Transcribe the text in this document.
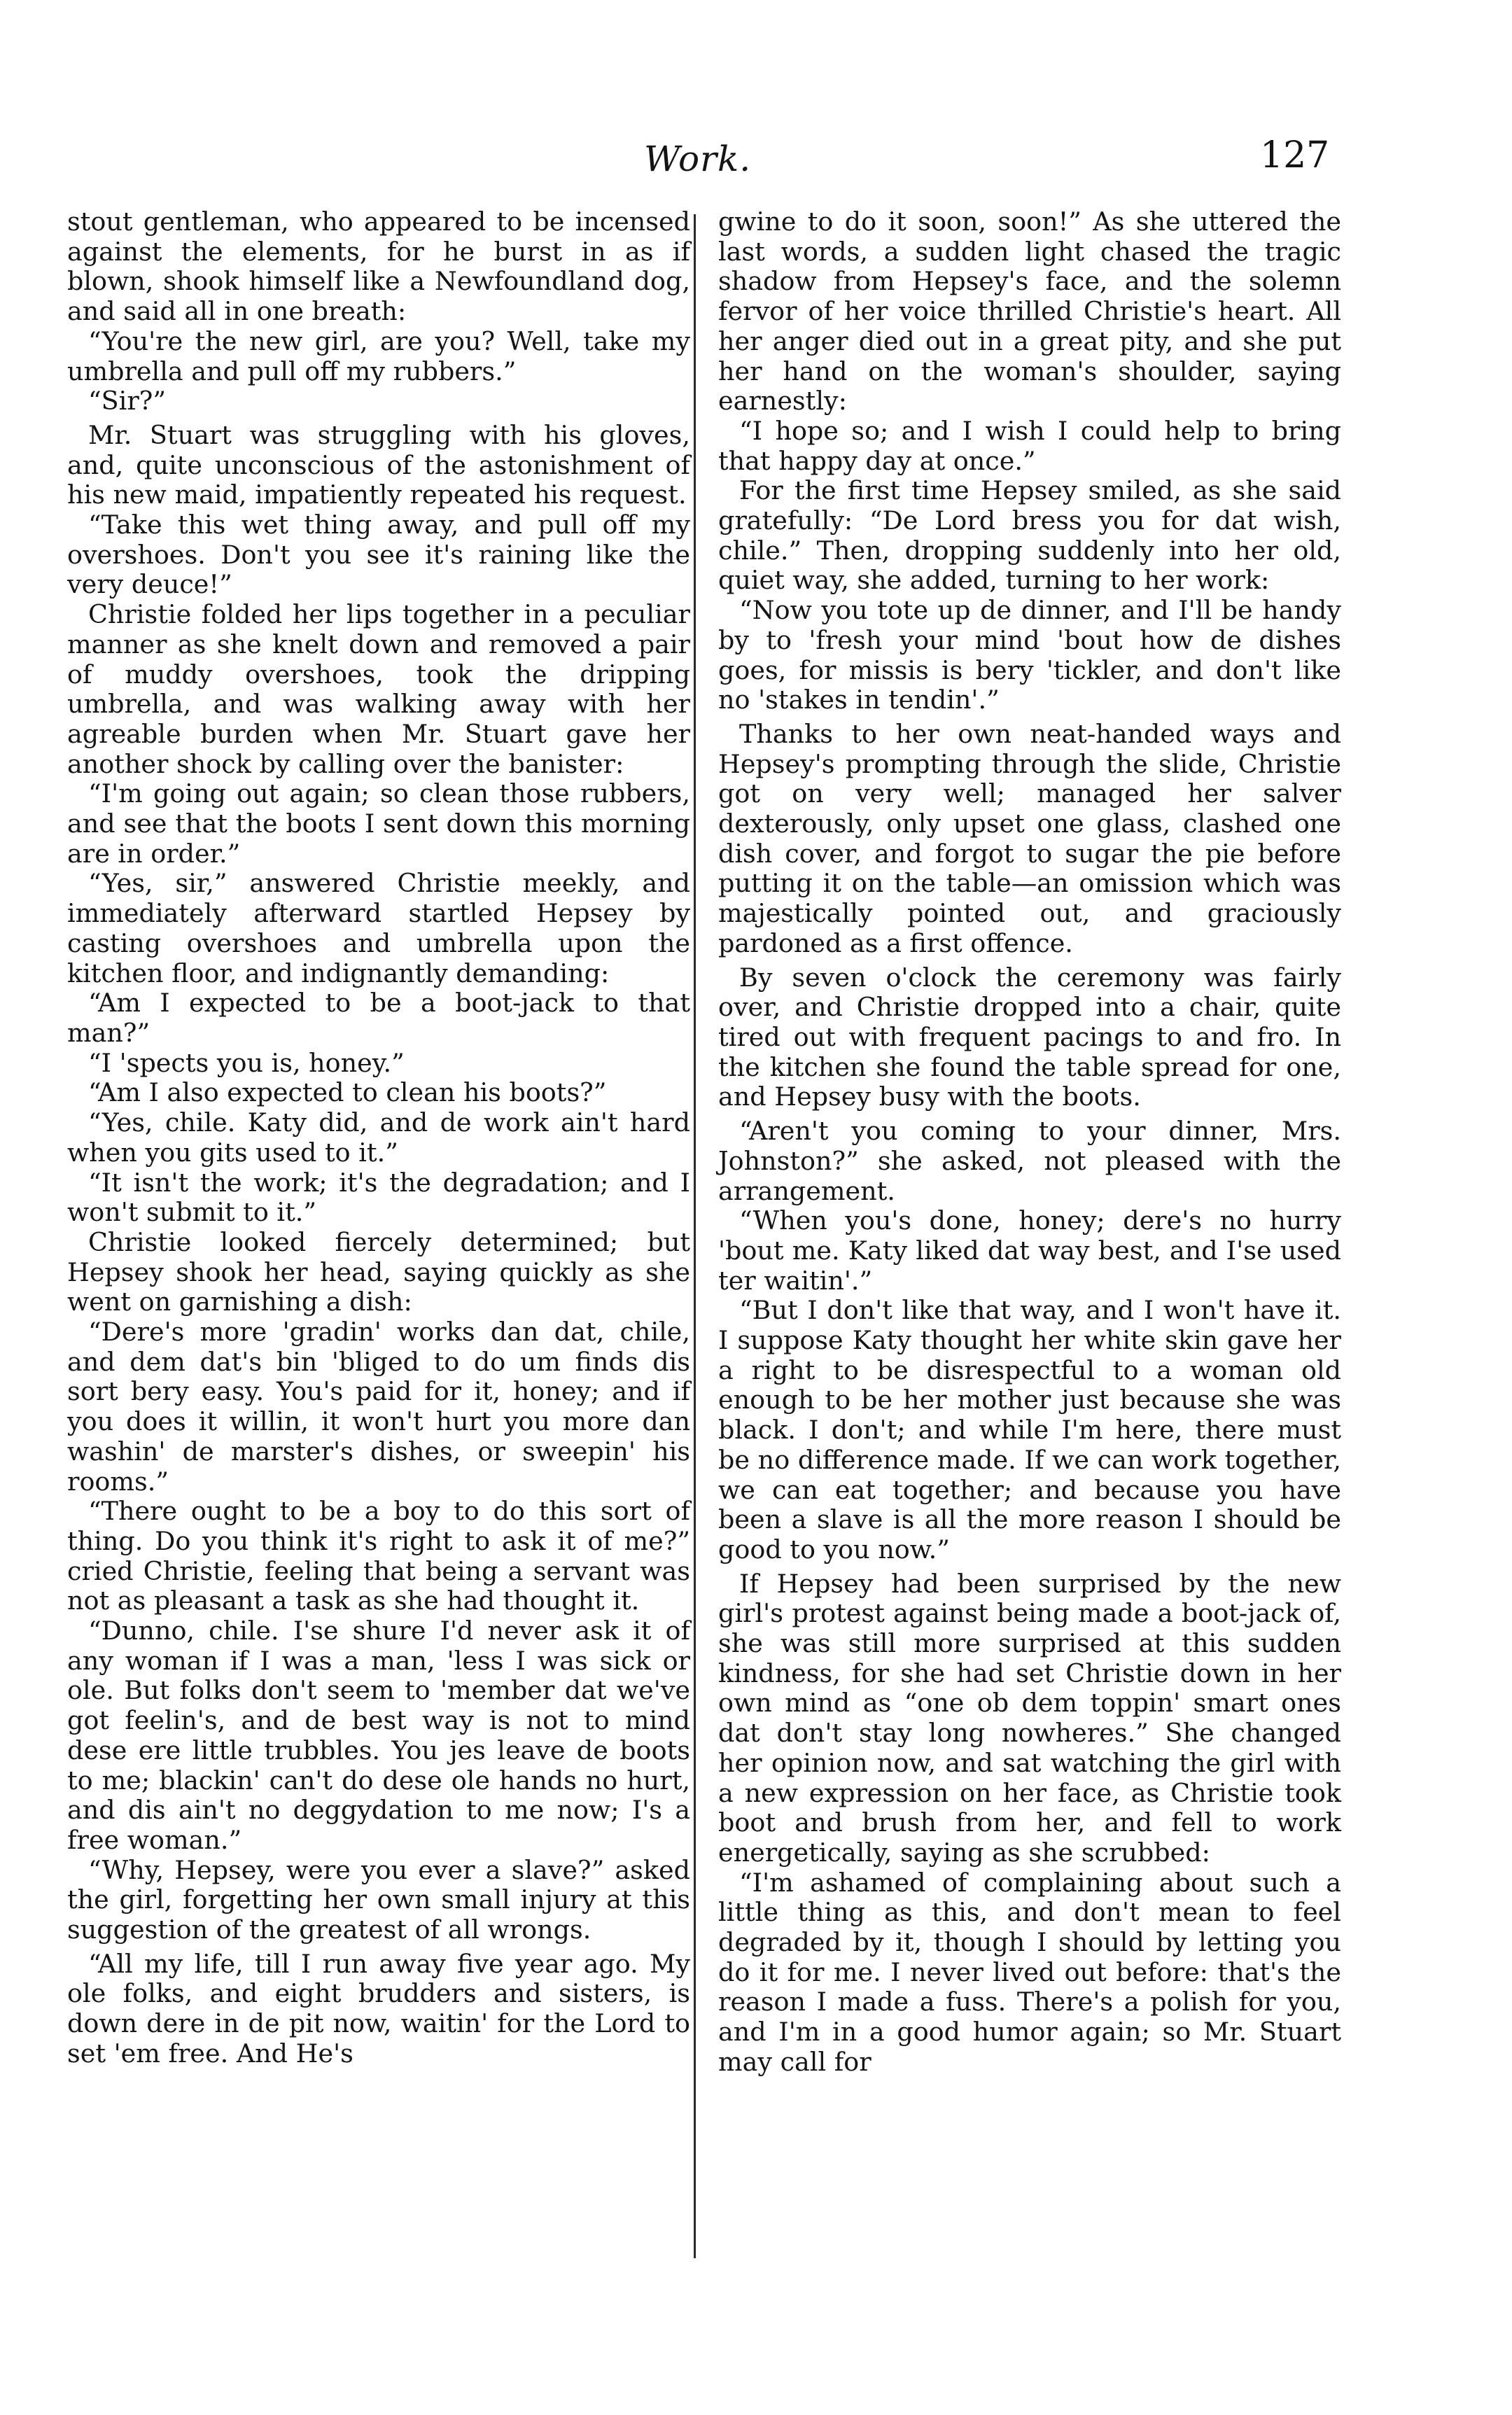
Work.	127

stout gentleman, who appeared to be incensed against the elements, for he burst in as if blown, shook himself like a Newfoundland dog, and said all in one breath:

“You're the new girl, are you? Well, take my umbrella and pull off my rubbers.”

“Sir?”

Mr. Stuart was struggling with his gloves, and, quite unconscious of the astonishment of his new maid, impatiently repeated his request.

“Take this wet thing away, and pull off my overshoes. Don't you see it's raining like the very deuce!”

Christie folded her lips together in a peculiar manner as she knelt down and removed a pair of muddy overshoes, took the dripping umbrella, and was walking away with her agreable burden when Mr. Stuart gave her another shock by calling over the banister:

“I'm going out again; so clean those rubbers, and see that the boots I sent down this morning are in order.”

“Yes, sir,” answered Christie meekly, and immediately afterward startled Hepsey by casting overshoes and umbrella upon the kitchen floor, and indignantly demanding:

“Am I expected to be a boot-jack to that man?”

“I 'spects you is, honey.”

“Am I also expected to clean his boots?”

“Yes, chile. Katy did, and de work ain't hard when you gits used to it.”

“It isn't the work; it's the degradation; and I won't submit to it.”

Christie looked fiercely determined; but Hepsey shook her head, saying quickly as she went on garnishing a dish:

“Dere's more 'gradin' works dan dat, chile, and dem dat's bin 'bliged to do um finds dis sort bery easy. You's paid for it, honey; and if you does it willin, it won't hurt you more dan washin' de marster's dishes, or sweepin' his rooms.”

“There ought to be a boy to do this sort of thing. Do you think it's right to ask it of me?” cried Christie, feeling that being a servant was not as pleasant a task as she had thought it.

“Dunno, chile. I'se shure I'd never ask it of any woman if I was a man, 'less I was sick or ole. But folks don't seem to 'member dat we've got feelin's, and de best way is not to mind dese ere little trubbles. You jes leave de boots to me; blackin' can't do dese ole hands no hurt, and dis ain't no deggydation to me now; I's a free woman.”

“Why, Hepsey, were you ever a slave?” asked the girl, forgetting her own small injury at this suggestion of the greatest of all wrongs.

“All my life, till I run away five year ago. My ole folks, and eight brudders and sisters, is down dere in de pit now, waitin' for the Lord to set 'em free. And He's

gwine to do it soon, soon!” As she uttered the last words, a sudden light chased the tragic shadow from Hepsey's face, and the solemn fervor of her voice thrilled Christie's heart. All her anger died out in a great pity, and she put her hand on the woman's shoulder, saying earnestly:

“I hope so; and I wish I could help to bring that happy day at once.”

For the first time Hepsey smiled, as she said gratefully: “De Lord bress you for dat wish, chile.” Then, dropping suddenly into her old, quiet way, she added, turning to her work:

“Now you tote up de dinner, and I'll be handy by to 'fresh your mind 'bout how de dishes goes, for missis is bery 'tickler, and don't like no 'stakes in tendin'.”

Thanks to her own neat-handed ways and Hepsey's prompting through the slide, Christie got on very well; managed her salver dexterously, only upset one glass, clashed one dish cover, and forgot to sugar the pie before putting it on the table—an omission which was majestically pointed out, and graciously pardoned as a first offence.

By seven o'clock the ceremony was fairly over, and Christie dropped into a chair, quite tired out with frequent pacings to and fro. In the kitchen she found the table spread for one, and Hepsey busy with the boots.

“Aren't you coming to your dinner, Mrs. Johnston?” she asked, not pleased with the arrangement.

“When you's done, honey; dere's no hurry 'bout me. Katy liked dat way best, and I'se used ter waitin'.”

“But I don't like that way, and I won't have it. I suppose Katy thought her white skin gave her a right to be disrespectful to a woman old enough to be her mother just because she was black. I don't; and while I'm here, there must be no difference made. If we can work together, we can eat together; and because you have been a slave is all the more reason I should be good to you now.”

If Hepsey had been surprised by the new girl's protest against being made a boot-jack of, she was still more surprised at this sudden kindness, for she had set Christie down in her own mind as “one ob dem toppin' smart ones dat don't stay long nowheres.” She changed her opinion now, and sat watching the girl with a new expression on her face, as Christie took boot and brush from her, and fell to work energetically, saying as she scrubbed:

“I'm ashamed of complaining about such a little thing as this, and don't mean to feel degraded by it, though I should by letting you do it for me. I never lived out before: that's the reason I made a fuss. There's a polish for you, and I'm in a good humor again; so Mr. Stuart may call for
